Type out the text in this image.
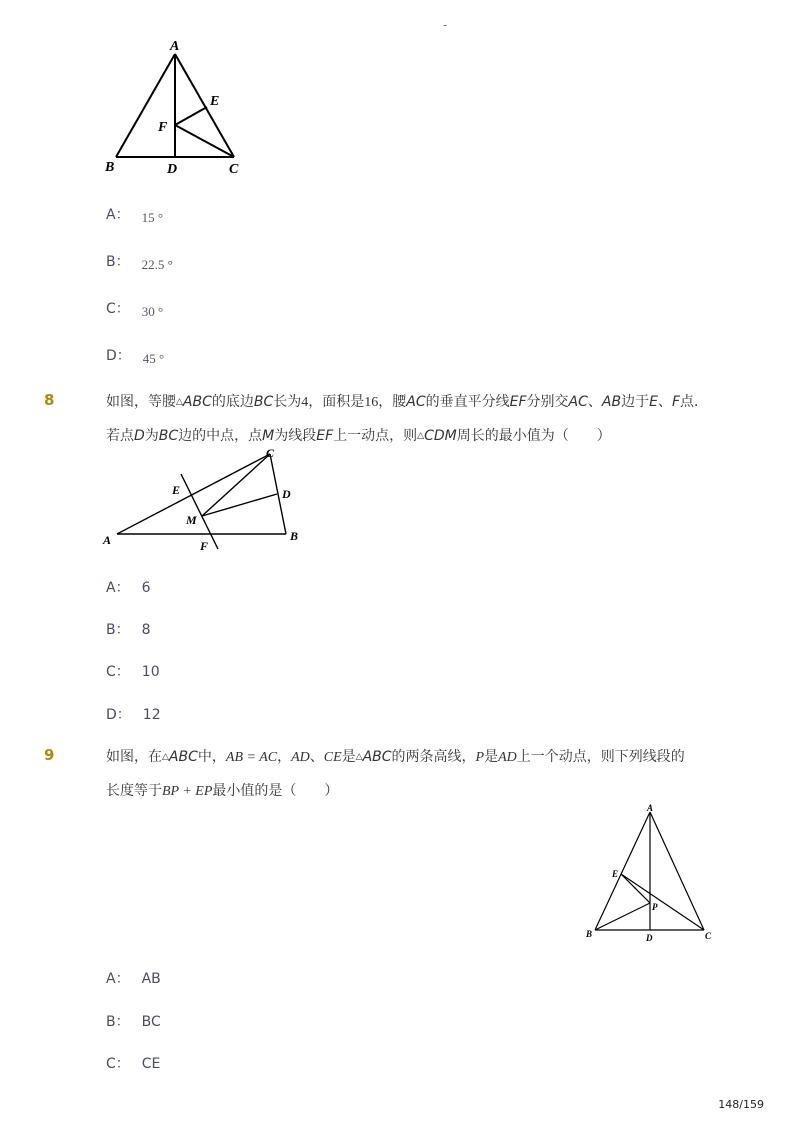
-
A
E
F
B	D	C
A： 15 °
B： 22.5 °
C： 30 °
D： 45 °
8	如图，等腰△ABC的底边BC长为4，面积是16，腰AC的垂直平分线EF分别交AC、AB边于E、F点．
若点D为BC边的中点，点M为线段EF上一动点，则△CDM周长的最小值为（　　）
C
E	D
M
A	F
B
A： 6
B： 8
C： 10
D： 12
9	如图，在△ABC中，AB = AC，AD、CE是△ABC的两条高线，P是AD上一个动点，则下列线段的
长度等于BP + EP最小值的是（　　）
A
E
P
B	D	C
A： AB
B： BC
C： CE
148/159
